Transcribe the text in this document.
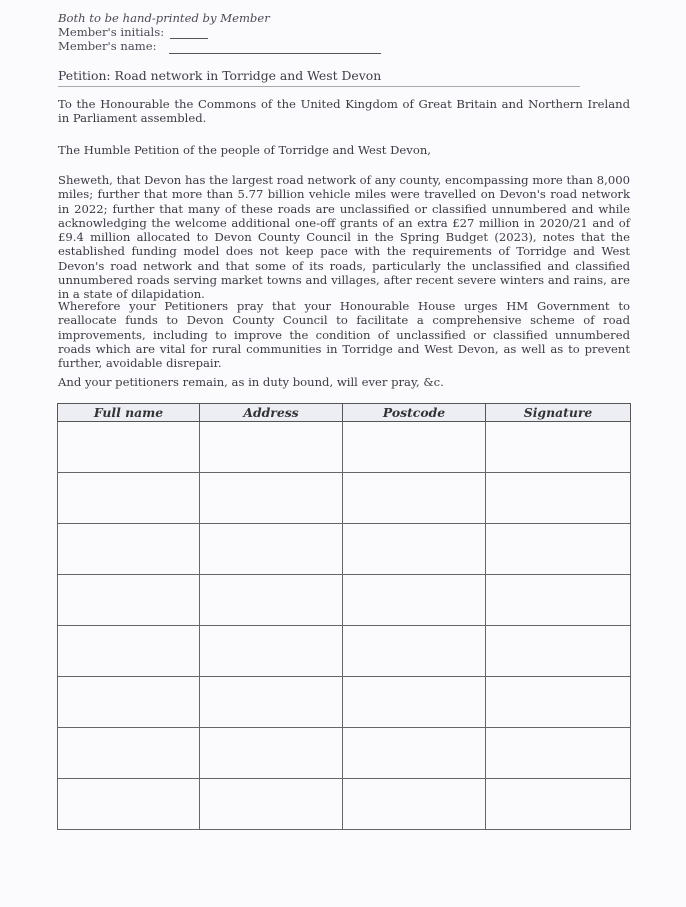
Both to be hand-printed by Member
Member's initials:
Member's name:
Petition: Road network in Torridge and West Devon
To the Honourable the Commons of the United Kingdom of Great Britain and Northern Ireland in Parliament assembled.
The Humble Petition of the people of Torridge and West Devon,
Sheweth, that Devon has the largest road network of any county, encompassing more than 8,000 miles; further that more than 5.77 billion vehicle miles were travelled on Devon's road network in 2022; further that many of these roads are unclassified or classified unnumbered and while acknowledging the welcome additional one-off grants of an extra £27 million in 2020/21 and of £9.4 million allocated to Devon County Council in the Spring Budget (2023), notes that the established funding model does not keep pace with the requirements of Torridge and West Devon's road network and that some of its roads, particularly the unclassified and classified unnumbered roads serving market towns and villages, after recent severe winters and rains, are in a state of dilapidation.
Wherefore your Petitioners pray that your Honourable House urges HM Government to reallocate funds to Devon County Council to facilitate a comprehensive scheme of road improvements, including to improve the condition of unclassified or classified unnumbered roads which are vital for rural communities in Torridge and West Devon, as well as to prevent further, avoidable disrepair.
And your petitioners remain, as in duty bound, will ever pray, &c.
Full name	Address	Postcode	Signature
